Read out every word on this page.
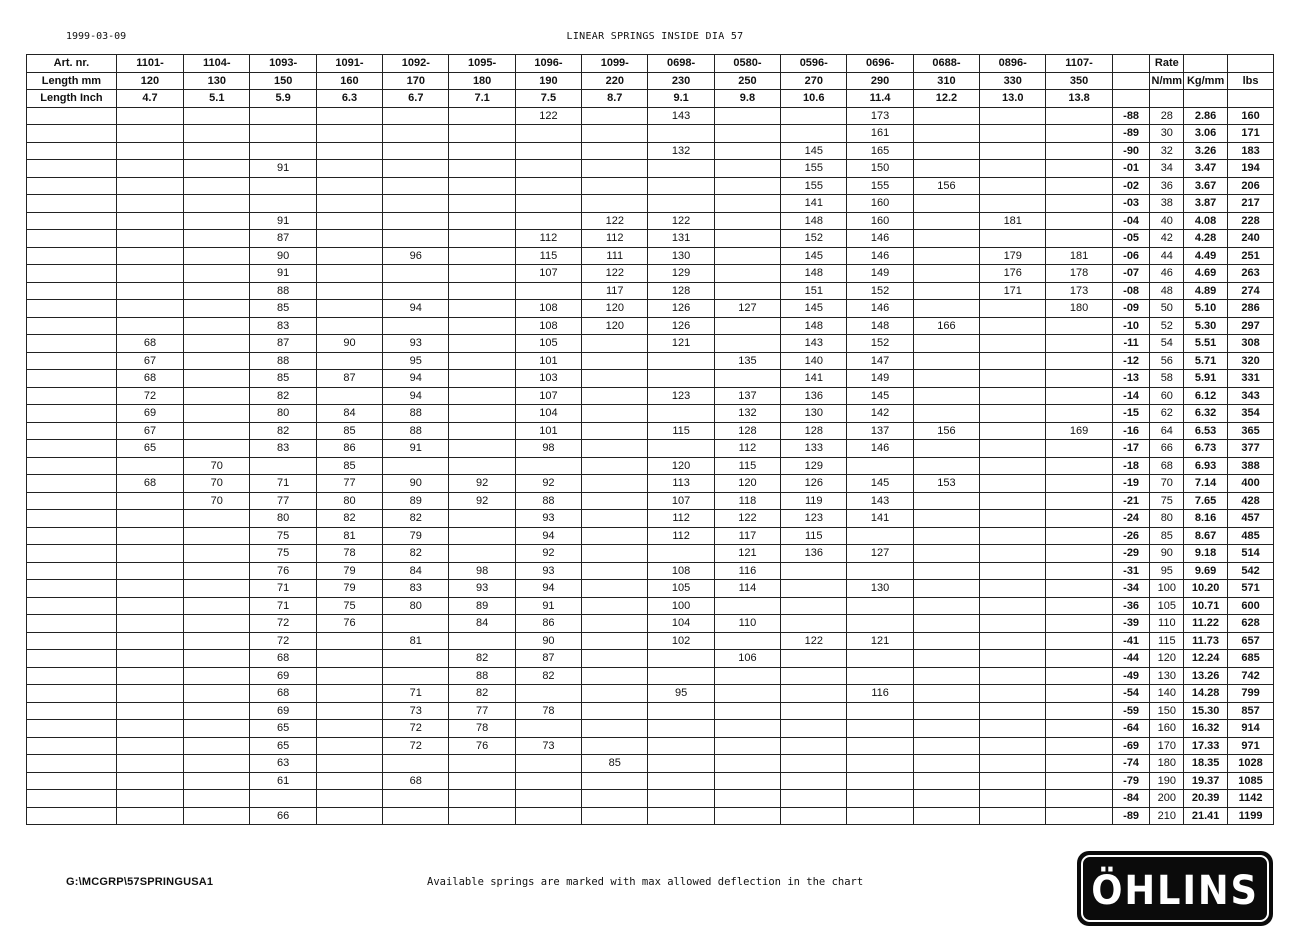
1999-03-09	LINEAR SPRINGS INSIDE DIA 57
Art. nr.	1101-	1104-	1093-	1091-	1092-	1095-	1096-	1099-	0698-	0580-	0596-	0696-	0688-	0896-	1107-		Rate		
Length mm	120	130	150	160	170	180	190	220	230	250	270	290	310	330	350		N/mm	Kg/mm	lbs
Length Inch	4.7	5.1	5.9	6.3	6.7	7.1	7.5	8.7	9.1	9.8	10.6	11.4	12.2	13.0	13.8				
							122		143			173				-88	28	2.86	160
												161				-89	30	3.06	171
									132		145	165				-90	32	3.26	183
			91								155	150				-01	34	3.47	194
											155	155	156			-02	36	3.67	206
											141	160				-03	38	3.87	217
			91					122	122		148	160		181		-04	40	4.08	228
			87				112	112	131		152	146				-05	42	4.28	240
			90		96		115	111	130		145	146		179	181	-06	44	4.49	251
			91				107	122	129		148	149		176	178	-07	46	4.69	263
			88					117	128		151	152		171	173	-08	48	4.89	274
			85		94		108	120	126	127	145	146			180	-09	50	5.10	286
			83				108	120	126		148	148	166			-10	52	5.30	297
	68		87	90	93		105		121		143	152				-11	54	5.51	308
	67		88		95		101			135	140	147				-12	56	5.71	320
	68		85	87	94		103				141	149				-13	58	5.91	331
	72		82		94		107		123	137	136	145				-14	60	6.12	343
	69		80	84	88		104			132	130	142				-15	62	6.32	354
	67		82	85	88		101		115	128	128	137	156		169	-16	64	6.53	365
	65		83	86	91		98			112	133	146				-17	66	6.73	377
		70		85					120	115	129					-18	68	6.93	388
	68	70	71	77	90	92	92		113	120	126	145	153			-19	70	7.14	400
		70	77	80	89	92	88		107	118	119	143				-21	75	7.65	428
			80	82	82		93		112	122	123	141				-24	80	8.16	457
			75	81	79		94		112	117	115					-26	85	8.67	485
			75	78	82		92			121	136	127				-29	90	9.18	514
			76	79	84	98	93		108	116						-31	95	9.69	542
			71	79	83	93	94		105	114		130				-34	100	10.20	571
			71	75	80	89	91		100							-36	105	10.71	600
			72	76		84	86		104	110						-39	110	11.22	628
			72		81		90		102		122	121				-41	115	11.73	657
			68			82	87			106						-44	120	12.24	685
			69			88	82									-49	130	13.26	742
			68		71	82			95			116				-54	140	14.28	799
			69		73	77	78									-59	150	15.30	857
			65		72	78										-64	160	16.32	914
			65		72	76	73									-69	170	17.33	971
			63					85								-74	180	18.35	1028
			61		68											-79	190	19.37	1085
																-84	200	20.39	1142
			66													-89	210	21.41	1199
G:\MCGRP\57SPRINGUSA1	Available springs are marked with max allowed deflection in the chart	ÖHLINS
